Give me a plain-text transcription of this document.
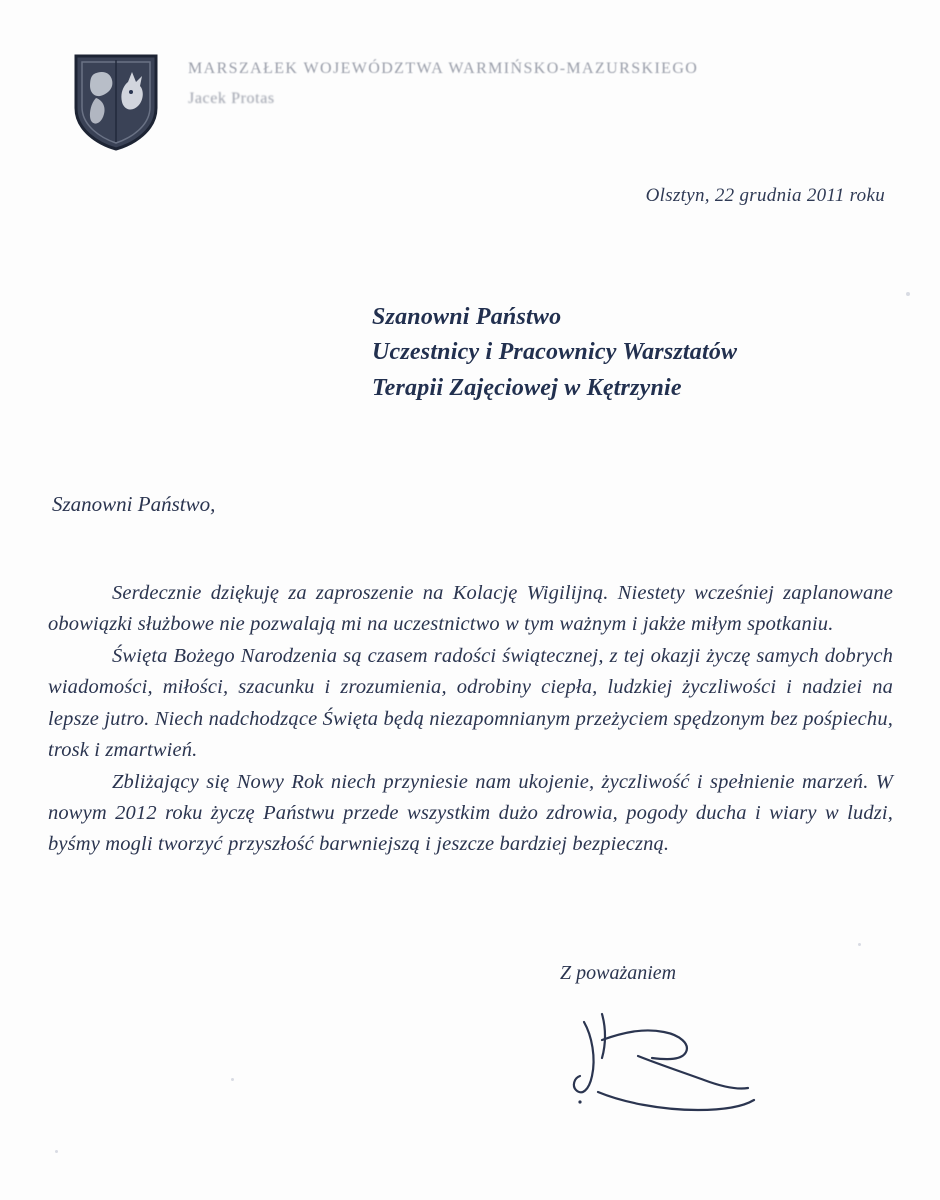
MARSZAŁEK WOJEWÓDZTWA WARMIŃSKO-MAZURSKIEGO
Jacek Protas
Olsztyn, 22 grudnia 2011 roku
Szanowni Państwo
Uczestnicy i Pracownicy Warsztatów
Terapii Zajęciowej w Kętrzynie
Szanowni Państwo,

Serdecznie dziękuję za zaproszenie na Kolację Wigilijną. Niestety wcześniej zaplanowane obowiązki służbowe nie pozwalają mi na uczestnictwo w tym ważnym i jakże miłym spotkaniu.

Święta Bożego Narodzenia są czasem radości świątecznej, z tej okazji życzę samych dobrych wiadomości, miłości, szacunku i zrozumienia, odrobiny ciepła, ludzkiej życzliwości i nadziei na lepsze jutro. Niech nadchodzące Święta będą niezapomnianym przeżyciem spędzonym bez pośpiechu, trosk i zmartwień.

Zbliżający się Nowy Rok niech przyniesie nam ukojenie, życzliwość i spełnienie marzeń. W nowym 2012 roku życzę Państwu przede wszystkim dużo zdrowia, pogody ducha i wiary w ludzi, byśmy mogli tworzyć przyszłość barwniejszą i jeszcze bardziej bezpieczną.

Z poważaniem
